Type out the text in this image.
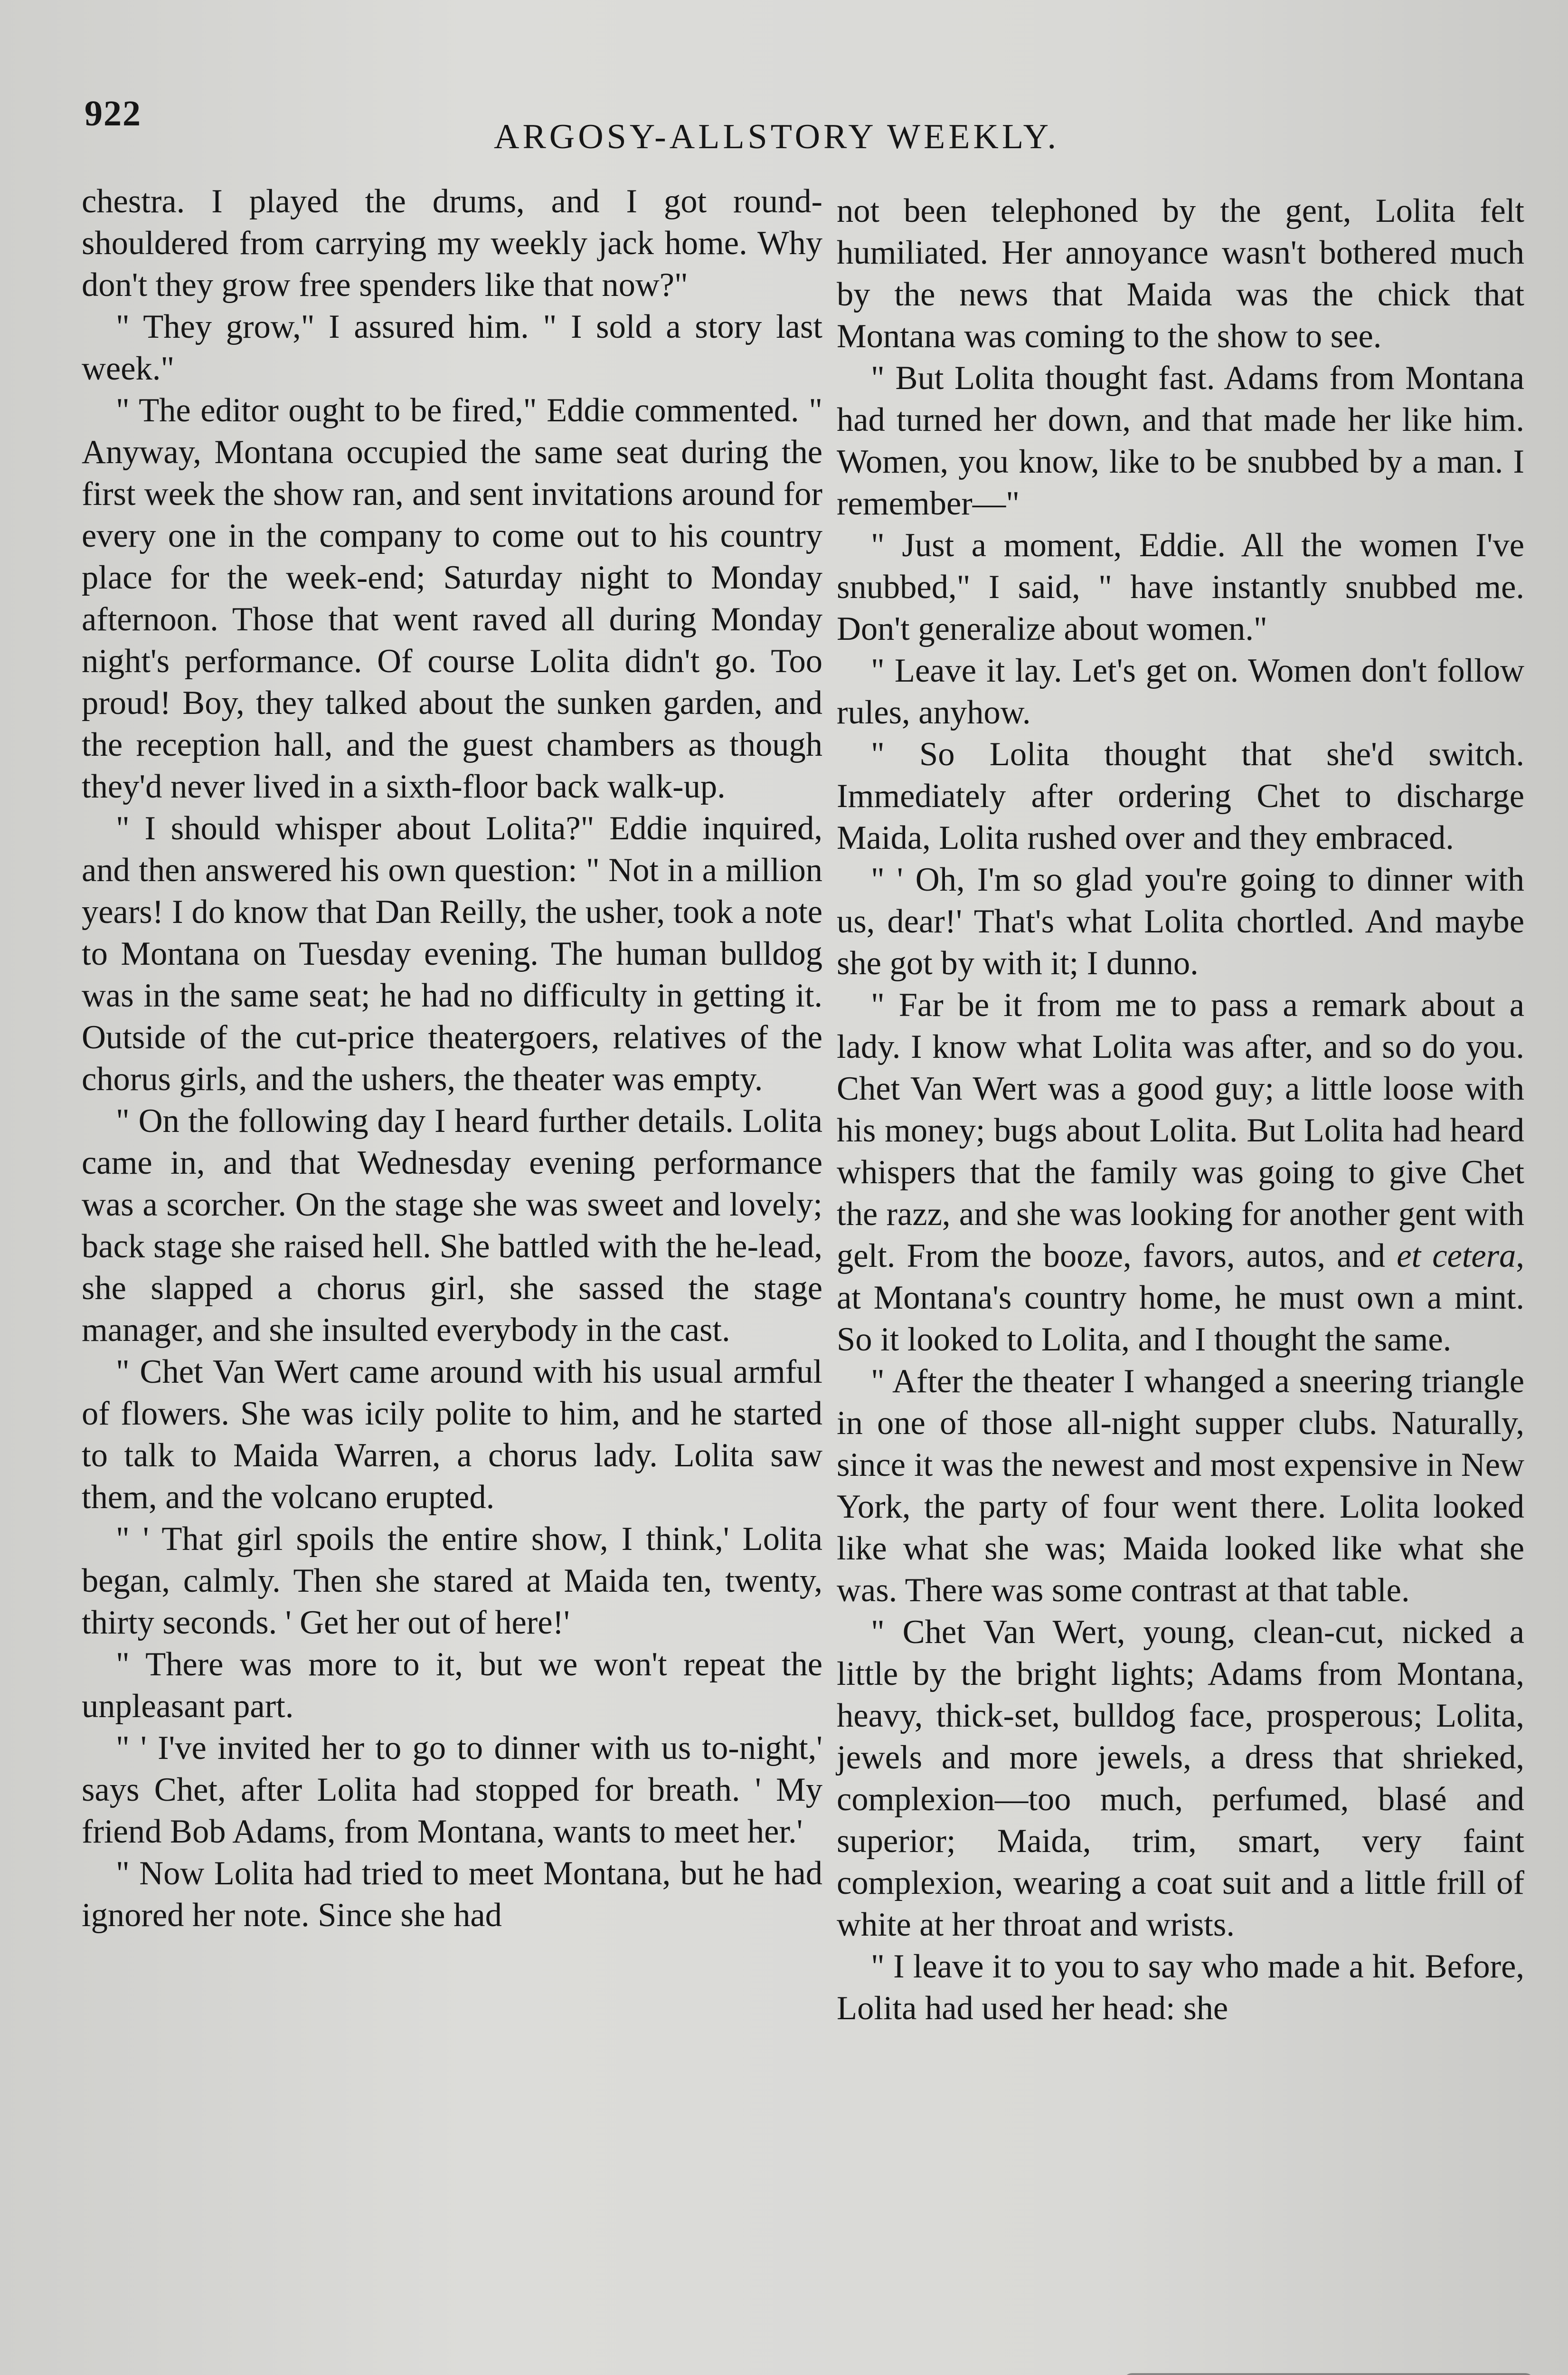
922
ARGOSY-ALLSTORY WEEKLY.

chestra. I played the drums, and I got round-shouldered from carrying my weekly jack home. Why don't they grow free spenders like that now?"

" They grow," I assured him. " I sold a story last week."

" The editor ought to be fired," Eddie commented. " Anyway, Montana occupied the same seat during the first week the show ran, and sent invitations around for every one in the company to come out to his country place for the week-end; Saturday night to Monday afternoon. Those that went raved all during Monday night's performance. Of course Lolita didn't go. Too proud! Boy, they talked about the sunken garden, and the reception hall, and the guest chambers as though they'd never lived in a sixth-floor back walk-up.

" I should whisper about Lolita?" Eddie inquired, and then answered his own question: " Not in a million years! I do know that Dan Reilly, the usher, took a note to Montana on Tuesday evening. The human bulldog was in the same seat; he had no difficulty in getting it. Outside of the cut-price theatergoers, relatives of the chorus girls, and the ushers, the theater was empty.

" On the following day I heard further details. Lolita came in, and that Wednesday evening performance was a scorcher. On the stage she was sweet and lovely; back stage she raised hell. She battled with the he-lead, she slapped a chorus girl, she sassed the stage manager, and she insulted everybody in the cast.

" Chet Van Wert came around with his usual armful of flowers. She was icily polite to him, and he started to talk to Maida Warren, a chorus lady. Lolita saw them, and the volcano erupted.

" ' That girl spoils the entire show, I think,' Lolita began, calmly. Then she stared at Maida ten, twenty, thirty seconds. ' Get her out of here!'

" There was more to it, but we won't repeat the unpleasant part.

" ' I've invited her to go to dinner with us to-night,' says Chet, after Lolita had stopped for breath. ' My friend Bob Adams, from Montana, wants to meet her.'

" Now Lolita had tried to meet Montana, but he had ignored her note. Since she had

not been telephoned by the gent, Lolita felt humiliated. Her annoyance wasn't bothered much by the news that Maida was the chick that Montana was coming to the show to see.

" But Lolita thought fast. Adams from Montana had turned her down, and that made her like him. Women, you know, like to be snubbed by a man. I remember—"

" Just a moment, Eddie. All the women I've snubbed," I said, " have instantly snubbed me. Don't generalize about women."

" Leave it lay. Let's get on. Women don't follow rules, anyhow.

" So Lolita thought that she'd switch. Immediately after ordering Chet to discharge Maida, Lolita rushed over and they embraced.

" ' Oh, I'm so glad you're going to dinner with us, dear!' That's what Lolita chortled. And maybe she got by with it; I dunno.

" Far be it from me to pass a remark about a lady. I know what Lolita was after, and so do you. Chet Van Wert was a good guy; a little loose with his money; bugs about Lolita. But Lolita had heard whispers that the family was going to give Chet the razz, and she was looking for another gent with gelt. From the booze, favors, autos, and et cetera, at Montana's country home, he must own a mint. So it looked to Lolita, and I thought the same.

" After the theater I whanged a sneering triangle in one of those all-night supper clubs. Naturally, since it was the newest and most expensive in New York, the party of four went there. Lolita looked like what she was; Maida looked like what she was. There was some contrast at that table.

" Chet Van Wert, young, clean-cut, nicked a little by the bright lights; Adams from Montana, heavy, thick-set, bulldog face, prosperous; Lolita, jewels and more jewels, a dress that shrieked, complexion—too much, perfumed, blasé and superior; Maida, trim, smart, very faint complexion, wearing a coat suit and a little frill of white at her throat and wrists.

" I leave it to you to say who made a hit. Before, Lolita had used her head: she
